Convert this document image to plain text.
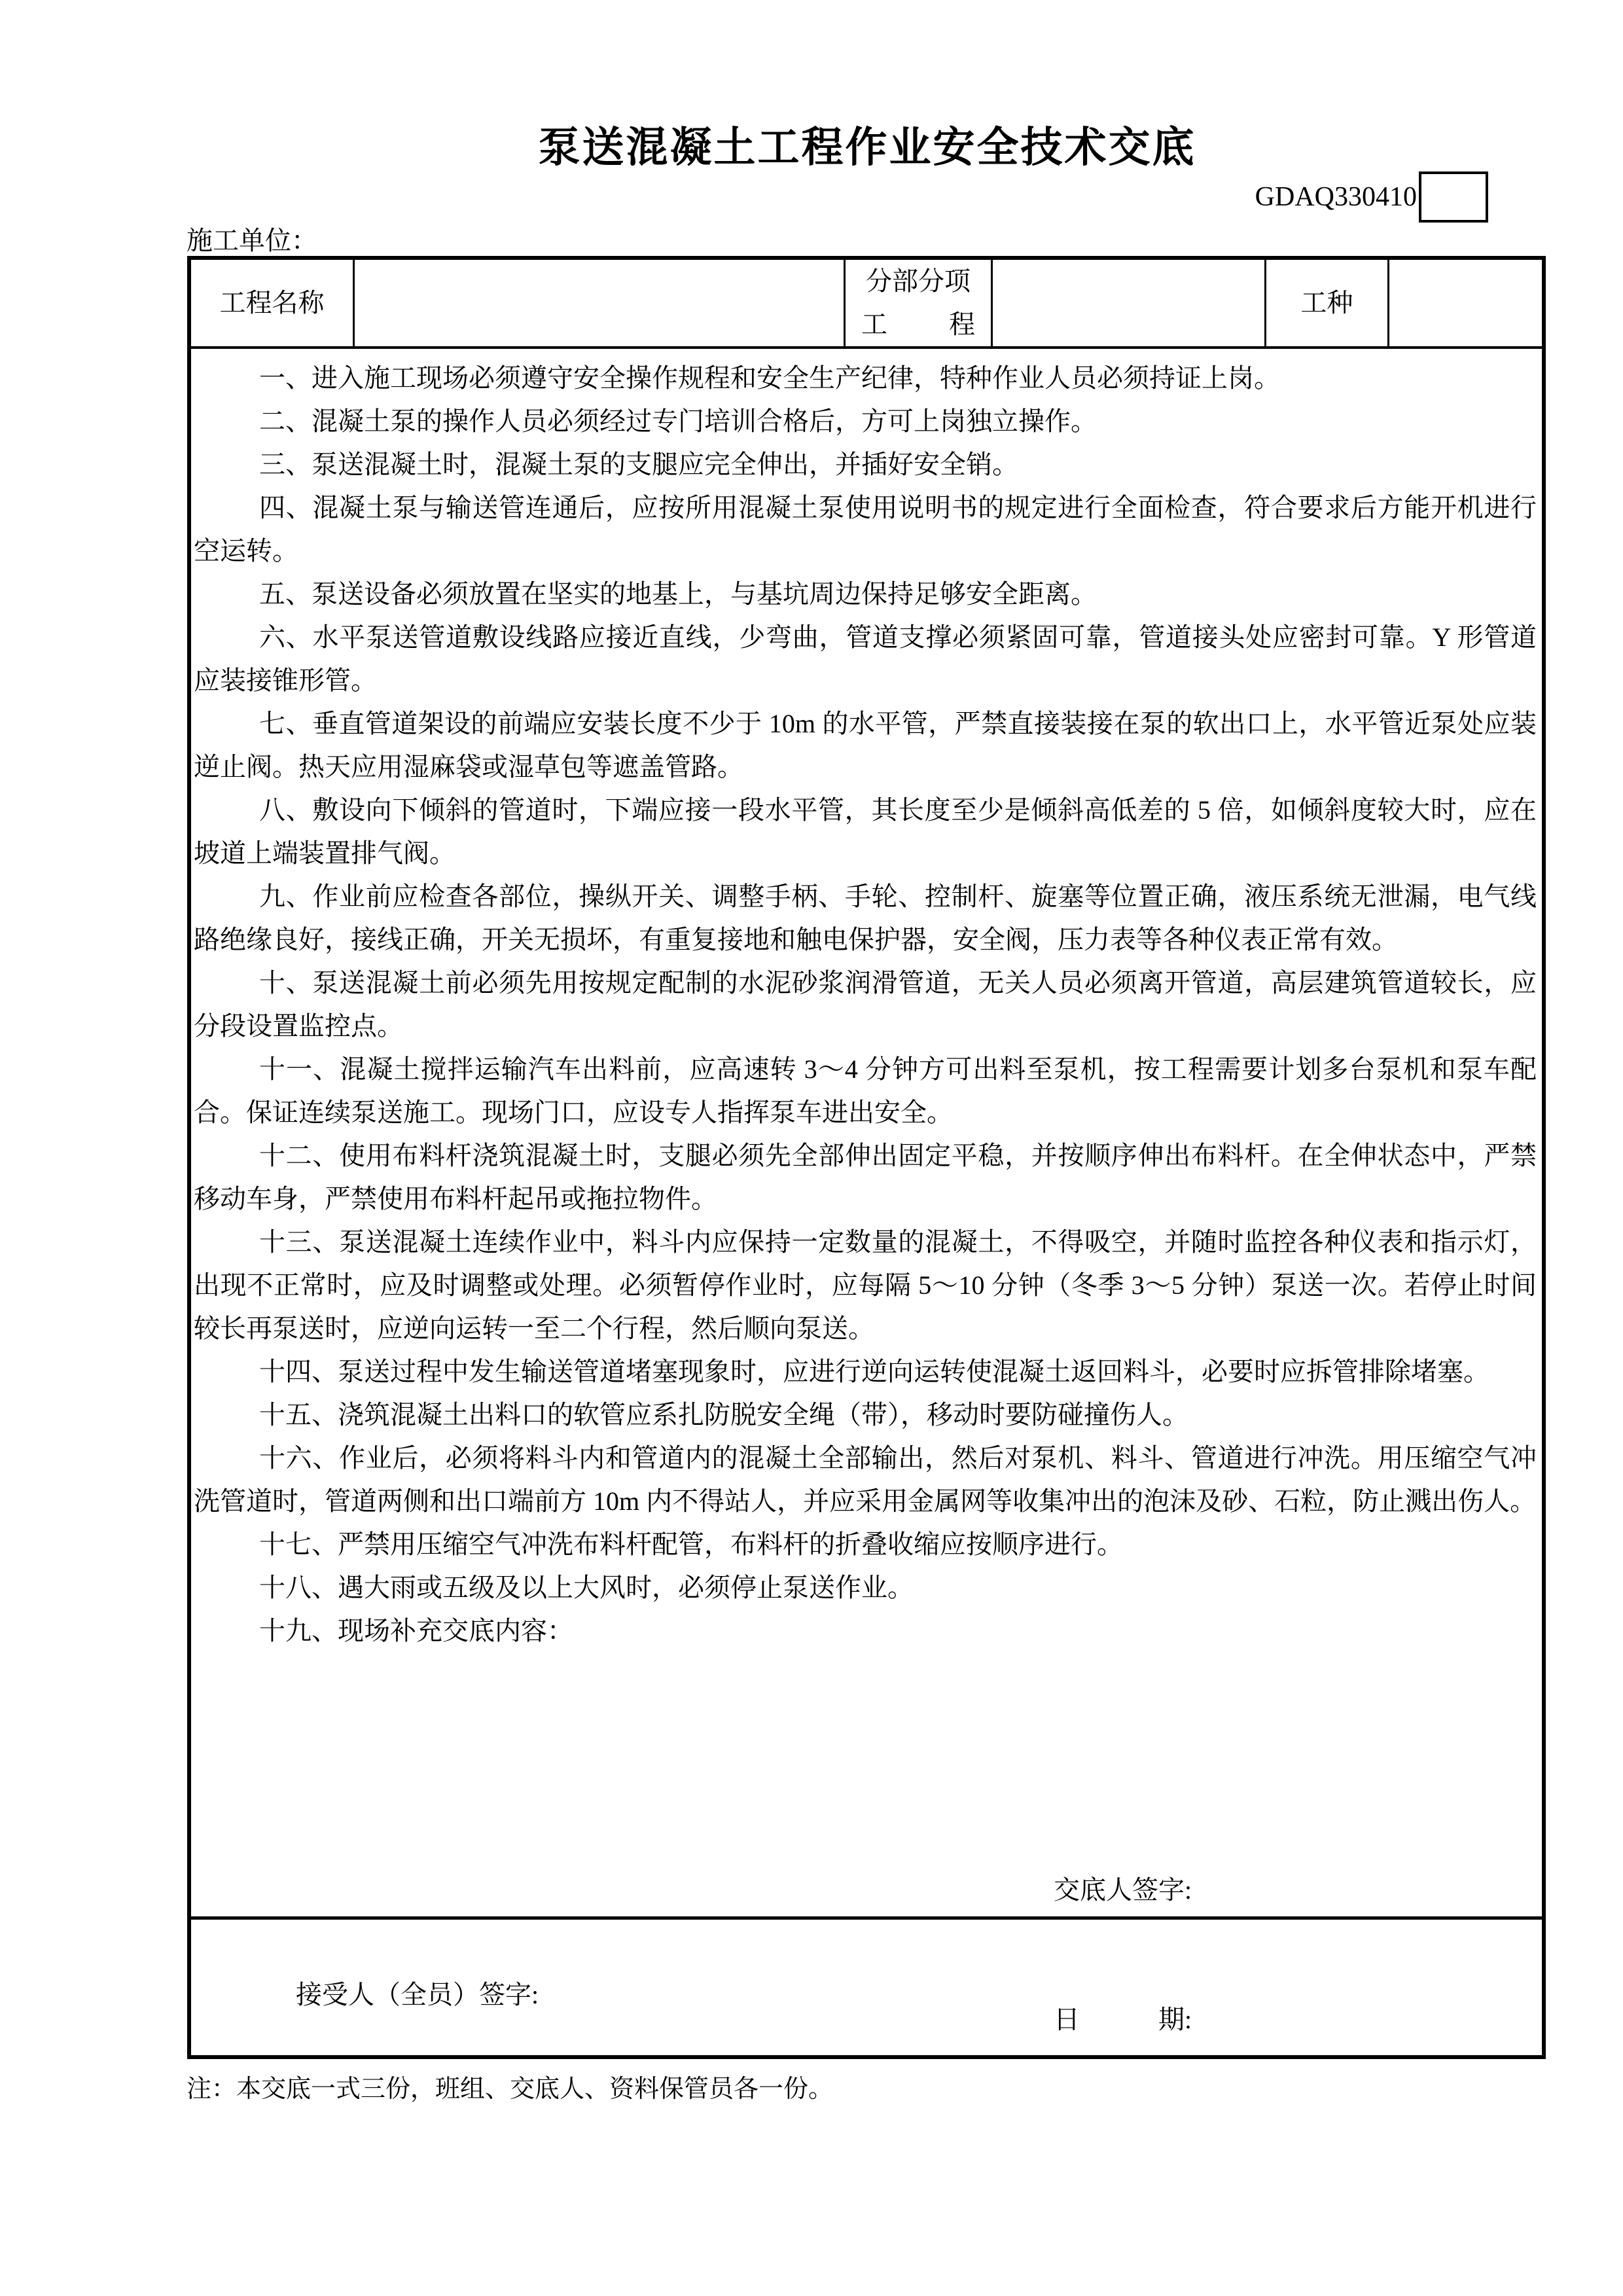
泵送混凝土工程作业安全技术交底
GDAQ330410
施工单位：
工程名称
分部分项
工　程
工种

一、进入施工现场必须遵守安全操作规程和安全生产纪律，特种作业人员必须持证上岗。

二、混凝土泵的操作人员必须经过专门培训合格后，方可上岗独立操作。

三、泵送混凝土时，混凝土泵的支腿应完全伸出，并插好安全销。

四、混凝土泵与输送管连通后，应按所用混凝土泵使用说明书的规定进行全面检查，符合要求后方能开机进行空运转。

五、泵送设备必须放置在坚实的地基上，与基坑周边保持足够安全距离。

六、水平泵送管道敷设线路应接近直线，少弯曲，管道支撑必须紧固可靠，管道接头处应密封可靠。Y 形管道应装接锥形管。

七、垂直管道架设的前端应安装长度不少于 10m 的水平管，严禁直接装接在泵的软出口上，水平管近泵处应装逆止阀。热天应用湿麻袋或湿草包等遮盖管路。

八、敷设向下倾斜的管道时，下端应接一段水平管，其长度至少是倾斜高低差的 5 倍，如倾斜度较大时，应在坡道上端装置排气阀。

九、作业前应检查各部位，操纵开关、调整手柄、手轮、控制杆、旋塞等位置正确，液压系统无泄漏，电气线路绝缘良好，接线正确，开关无损坏，有重复接地和触电保护器，安全阀，压力表等各种仪表正常有效。

十、泵送混凝土前必须先用按规定配制的水泥砂浆润滑管道，无关人员必须离开管道，高层建筑管道较长，应分段设置监控点。

十一、混凝土搅拌运输汽车出料前，应高速转 3～4 分钟方可出料至泵机，按工程需要计划多台泵机和泵车配合。保证连续泵送施工。现场门口，应设专人指挥泵车进出安全。

十二、使用布料杆浇筑混凝土时，支腿必须先全部伸出固定平稳，并按顺序伸出布料杆。在全伸状态中，严禁移动车身，严禁使用布料杆起吊或拖拉物件。

十三、泵送混凝土连续作业中，料斗内应保持一定数量的混凝土，不得吸空，并随时监控各种仪表和指示灯，出现不正常时，应及时调整或处理。必须暂停作业时，应每隔 5～10 分钟（冬季 3～5 分钟）泵送一次。若停止时间较长再泵送时，应逆向运转一至二个行程，然后顺向泵送。

十四、泵送过程中发生输送管道堵塞现象时，应进行逆向运转使混凝土返回料斗，必要时应拆管排除堵塞。

十五、浇筑混凝土出料口的软管应系扎防脱安全绳（带），移动时要防碰撞伤人。

十六、作业后，必须将料斗内和管道内的混凝土全部输出，然后对泵机、料斗、管道进行冲洗。用压缩空气冲洗管道时，管道两侧和出口端前方 10m 内不得站人，并应采用金属网等收集冲出的泡沫及砂、石粒，防止溅出伤人。

十七、严禁用压缩空气冲洗布料杆配管，布料杆的折叠收缩应按顺序进行。

十八、遇大雨或五级及以上大风时，必须停止泵送作业。

十九、现场补充交底内容：

交底人签字:

日　　　期:

接受人（全员）签字:

注：本交底一式三份，班组、交底人、资料保管员各一份。
